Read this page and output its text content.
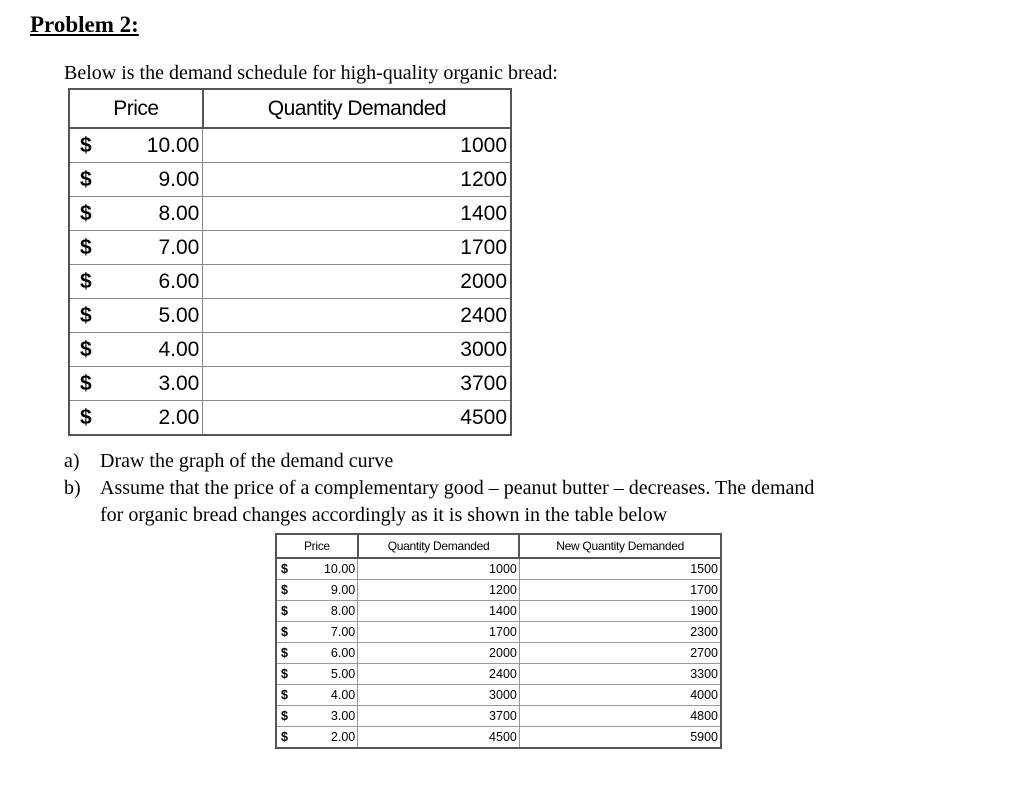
Problem 2:
Below is the demand schedule for high-quality organic bread:
Price		Quantity Demanded
$	10.00	1000
$	9.00	1200
$	8.00	1400
$	7.00	1700
$	6.00	2000
$	5.00	2400
$	4.00	3000
$	3.00	3700
$	2.00	4500
a) Draw the graph of the demand curve
b) Assume that the price of a complementary good – peanut butter – decreases. The demand
for organic bread changes accordingly as it is shown in the table below
Price		Quantity Demanded	New Quantity Demanded
$	10.00	1000	1500
$	9.00	1200	1700
$	8.00	1400	1900
$	7.00	1700	2300
$	6.00	2000	2700
$	5.00	2400	3300
$	4.00	3000	4000
$	3.00	3700	4800
$	2.00	4500	5900
